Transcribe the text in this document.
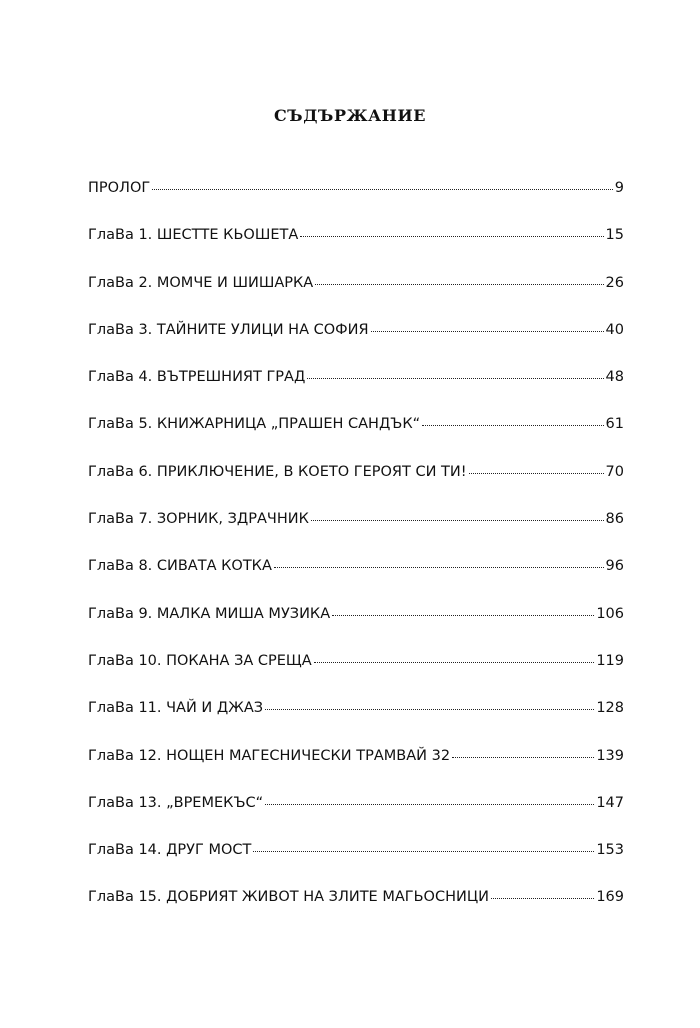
СЪДЪРЖАНИЕ
ПРОЛОГ	9
ГлаВа 1. ШЕСТТЕ КЬОШЕТА	15
ГлаВа 2. МОМЧЕ И ШИШАРКА	26
ГлаВа 3. ТАЙНИТЕ УЛИЦИ НА СОФИЯ	40
ГлаВа 4. ВЪТРЕШНИЯТ ГРАД	48
ГлаВа 5. КНИЖАРНИЦА „ПРАШЕН САНДЪК“	61
ГлаВа 6. ПРИКЛЮЧЕНИЕ, В КОЕТО ГЕРОЯТ СИ ТИ!	70
ГлаВа 7. ЗОРНИК, ЗДРАЧНИК	86
ГлаВа 8. СИВАТА КОТКА	96
ГлаВа 9. МАЛКА МИША МУЗИКА	106
ГлаВа 10. ПОКАНА ЗА СРЕЩА	119
ГлаВа 11. ЧАЙ И ДЖАЗ	128
ГлаВа 12. НОЩЕН МАГЕСНИЧЕСКИ ТРАМВАЙ 32	139
ГлаВа 13. „ВРЕМЕКЪС“	147
ГлаВа 14. ДРУГ МОСТ	153
ГлаВа 15. ДОБРИЯТ ЖИВОТ НА ЗЛИТЕ МАГЬОСНИЦИ	169
